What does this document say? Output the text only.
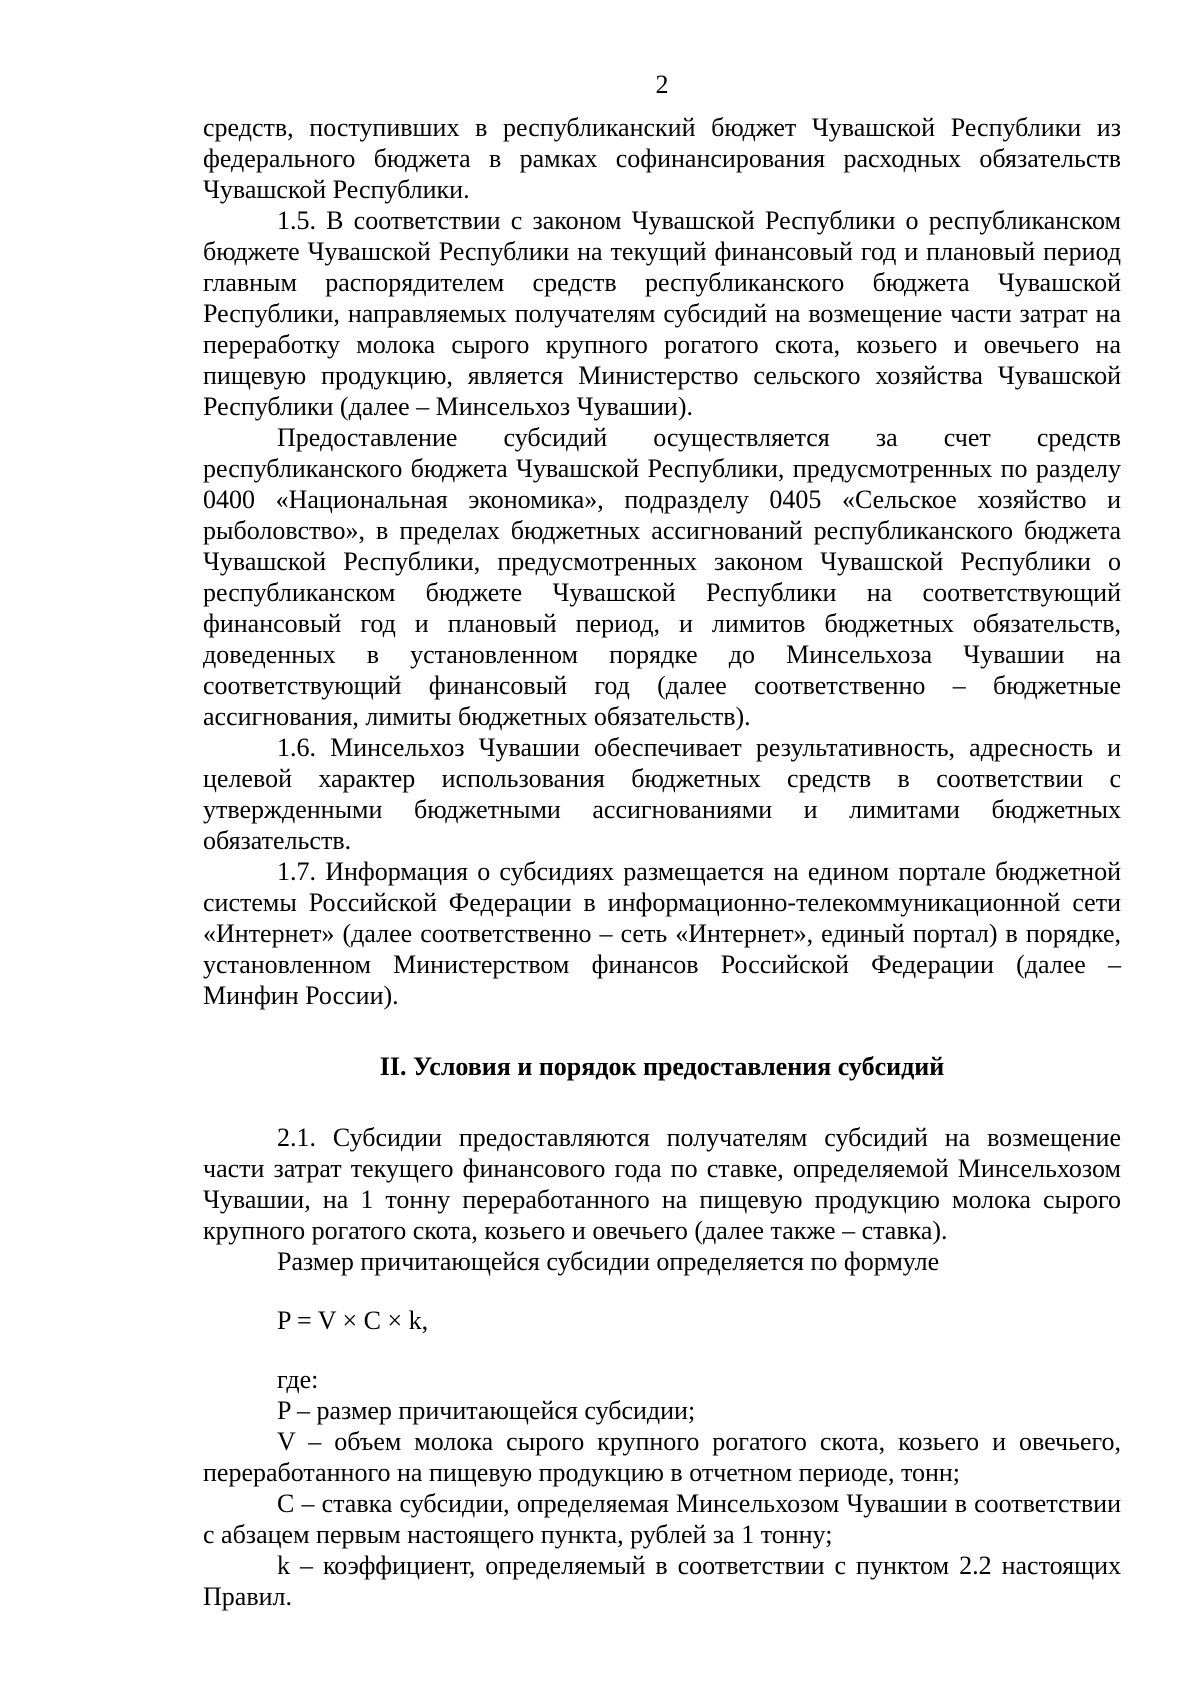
2

средств, поступивших в республиканский бюджет Чувашской Республики из федерального бюджета в рамках софинансирования расходных обязательств Чувашской Республики.

1.5. В соответствии с законом Чувашской Республики о республиканском бюджете Чувашской Республики на текущий финансовый год и плановый период главным распорядителем средств республиканского бюджета Чувашской Республики, направляемых получателям субсидий на возмещение части затрат на переработку молока сырого крупного рогатого скота, козьего и овечьего на пищевую продукцию, является Министерство сельского хозяйства Чувашской Республики (далее – Минсельхоз Чувашии).

Предоставление субсидий осуществляется за счет средств республиканского бюджета Чувашской Республики, предусмотренных по разделу 0400 «Национальная экономика», подразделу 0405 «Сельское хозяйство и рыболовство», в пределах бюджетных ассигнований республиканского бюджета Чувашской Республики, предусмотренных законом Чувашской Республики о республиканском бюджете Чувашской Республики на соответствующий финансовый год и плановый период, и лимитов бюджетных обязательств, доведенных в установленном порядке до Минсельхоза Чувашии на соответствующий финансовый год (далее соответственно – бюджетные ассигнования, лимиты бюджетных обязательств).

1.6. Минсельхоз Чувашии обеспечивает результативность, адресность и целевой характер использования бюджетных средств в соответствии с утвержденными бюджетными ассигнованиями и лимитами бюджетных обязательств.

1.7. Информация о субсидиях размещается на едином портале бюджетной системы Российской Федерации в информационно-телекоммуникационной сети «Интернет» (далее соответственно – сеть «Интернет», единый портал) в порядке, установленном Министерством финансов Российской Федерации (далее – Минфин России).

II. Условия и порядок предоставления субсидий

2.1. Субсидии предоставляются получателям субсидий на возмещение части затрат текущего финансового года по ставке, определяемой Минсельхозом Чувашии, на 1 тонну переработанного на пищевую продукцию молока сырого крупного рогатого скота, козьего и овечьего (далее также – ставка).

Размер причитающейся субсидии определяется по формуле

P = V × C × k,

где:

P – размер причитающейся субсидии;

V – объем молока сырого крупного рогатого скота, козьего и овечьего, переработанного на пищевую продукцию в отчетном периоде, тонн;

C – ставка субсидии, определяемая Минсельхозом Чувашии в соответствии с абзацем первым настоящего пункта, рублей за 1 тонну;

k – коэффициент, определяемый в соответствии с пунктом 2.2 настоящих Правил.
